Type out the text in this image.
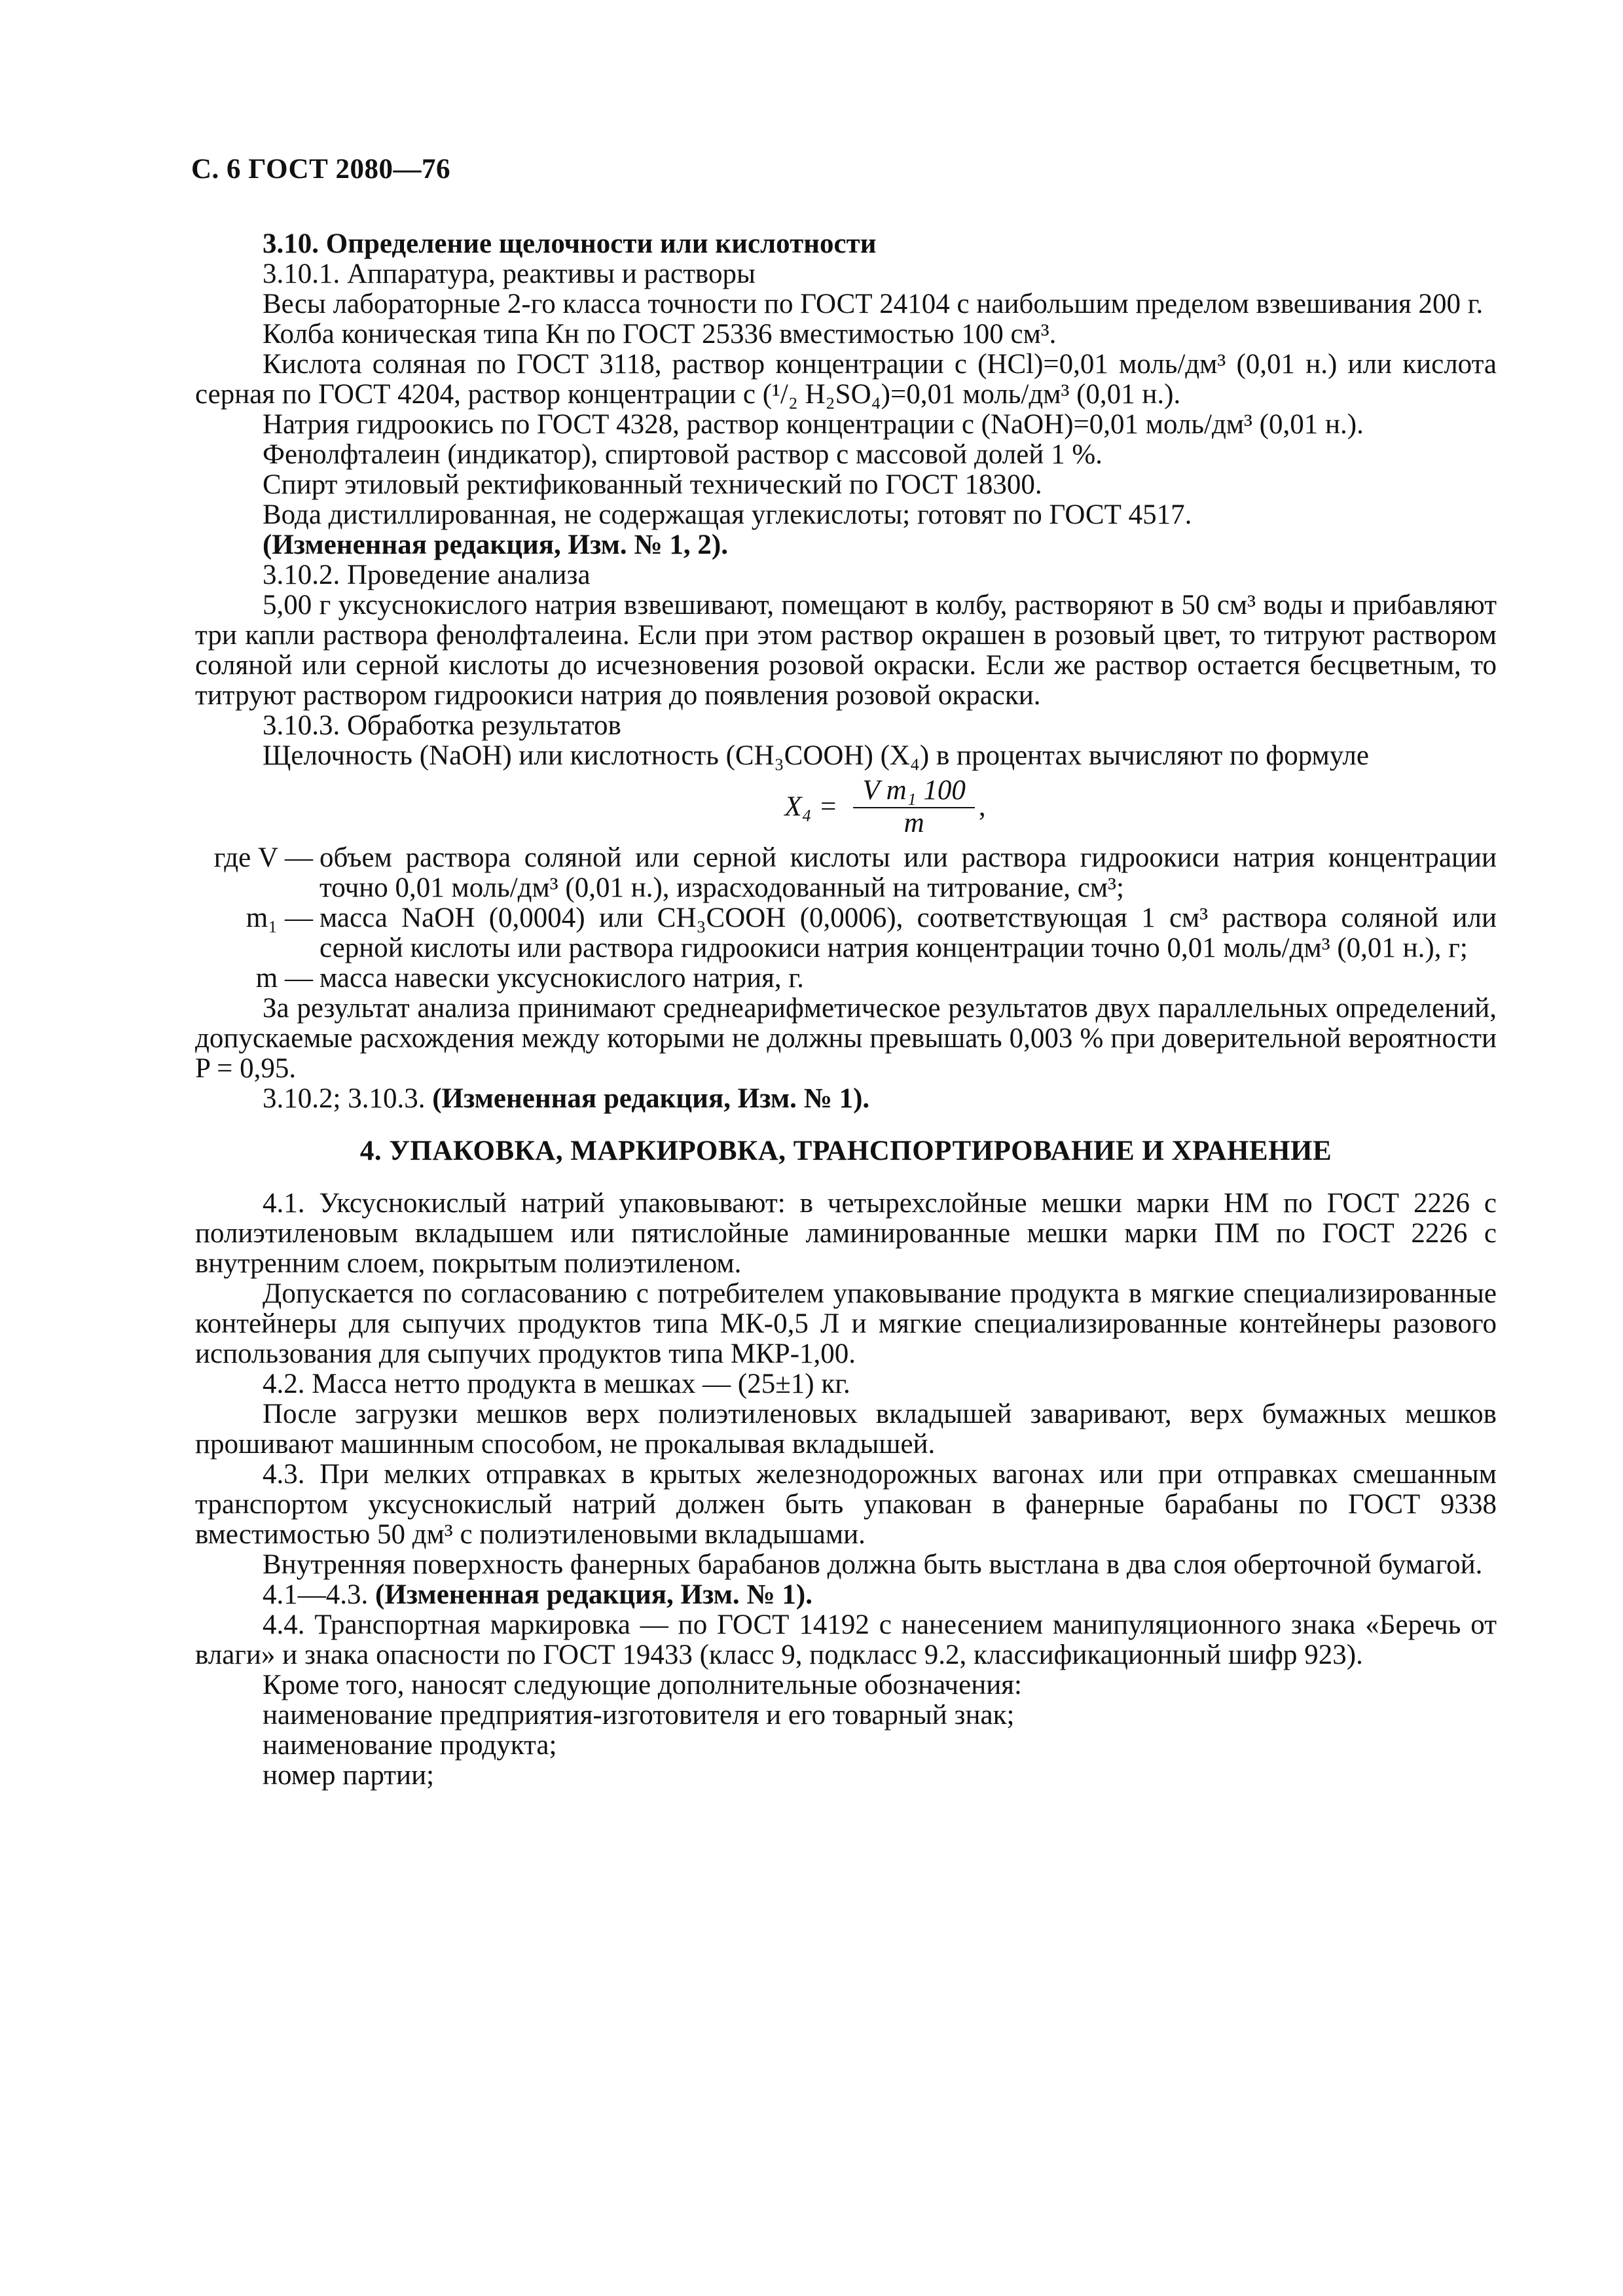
С. 6 ГОСТ 2080—76

3.10. Определение щелочности или кислотности

3.10.1. Аппаратура, реактивы и растворы

Весы лабораторные 2-го класса точности по ГОСТ 24104 с наибольшим пределом взвешивания 200 г.

Колба коническая типа Кн по ГОСТ 25336 вместимостью 100 см³.

Кислота соляная по ГОСТ 3118, раствор концентрации c (HCl)=0,01 моль/дм³ (0,01 н.) или кислота серная по ГОСТ 4204, раствор концентрации c (¹/₂ H₂SO₄)=0,01 моль/дм³ (0,01 н.).

Натрия гидроокись по ГОСТ 4328, раствор концентрации c (NaOH)=0,01 моль/дм³ (0,01 н.).

Фенолфталеин (индикатор), спиртовой раствор с массовой долей 1 %.

Спирт этиловый ректификованный технический по ГОСТ 18300.

Вода дистиллированная, не содержащая углекислоты; готовят по ГОСТ 4517.

(Измененная редакция, Изм. № 1, 2).

3.10.2. Проведение анализа

5,00 г уксуснокислого натрия взвешивают, помещают в колбу, растворяют в 50 см³ воды и прибавляют три капли раствора фенолфталеина. Если при этом раствор окрашен в розовый цвет, то титруют раствором соляной или серной кислоты до исчезновения розовой окраски. Если же раствор остается бесцветным, то титруют раствором гидроокиси натрия до появления розовой окраски.

3.10.3. Обработка результатов

Щелочность (NaOH) или кислотность (CH₃COOH) (X₄) в процентах вычисляют по формуле

$X_4 = \frac{\text{V m₁ 100}}{m}$ ,
где V — объем раствора соляной или серной кислоты или раствора гидроокиси натрия концентрации точно 0,01 моль/дм³ (0,01 н.), израсходованный на титрование, см³;
m₁ — масса NaOH (0,0004) или CH₃COOH (0,0006), соответствующая 1 см³ раствора соляной или серной кислоты или раствора гидроокиси натрия концентрации точно 0,01 моль/дм³ (0,01 н.), г;
m — масса навески уксуснокислого натрия, г.

За результат анализа принимают среднеарифметическое результатов двух параллельных определений, допускаемые расхождения между которыми не должны превышать 0,003 % при доверительной вероятности P = 0,95.

3.10.2; 3.10.3. (Измененная редакция, Изм. № 1).

4. УПАКОВКА, МАРКИРОВКА, ТРАНСПОРТИРОВАНИЕ И ХРАНЕНИЕ

4.1. Уксуснокислый натрий упаковывают: в четырехслойные мешки марки НМ по ГОСТ 2226 с полиэтиленовым вкладышем или пятислойные ламинированные мешки марки ПМ по ГОСТ 2226 с внутренним слоем, покрытым полиэтиленом.

Допускается по согласованию с потребителем упаковывание продукта в мягкие специализированные контейнеры для сыпучих продуктов типа МК-0,5 Л и мягкие специализированные контейнеры разового использования для сыпучих продуктов типа МКР-1,00.

4.2. Масса нетто продукта в мешках — (25±1) кг.

После загрузки мешков верх полиэтиленовых вкладышей заваривают, верх бумажных мешков прошивают машинным способом, не прокалывая вкладышей.

4.3. При мелких отправках в крытых железнодорожных вагонах или при отправках смешанным транспортом уксуснокислый натрий должен быть упакован в фанерные барабаны по ГОСТ 9338 вместимостью 50 дм³ с полиэтиленовыми вкладышами.

Внутренняя поверхность фанерных барабанов должна быть выстлана в два слоя оберточной бумагой.

4.1—4.3. (Измененная редакция, Изм. № 1).

4.4. Транспортная маркировка — по ГОСТ 14192 с нанесением манипуляционного знака «Беречь от влаги» и знака опасности по ГОСТ 19433 (класс 9, подкласс 9.2, классификационный шифр 923).

Кроме того, наносят следующие дополнительные обозначения:

наименование предприятия-изготовителя и его товарный знак;

наименование продукта;

номер партии;
